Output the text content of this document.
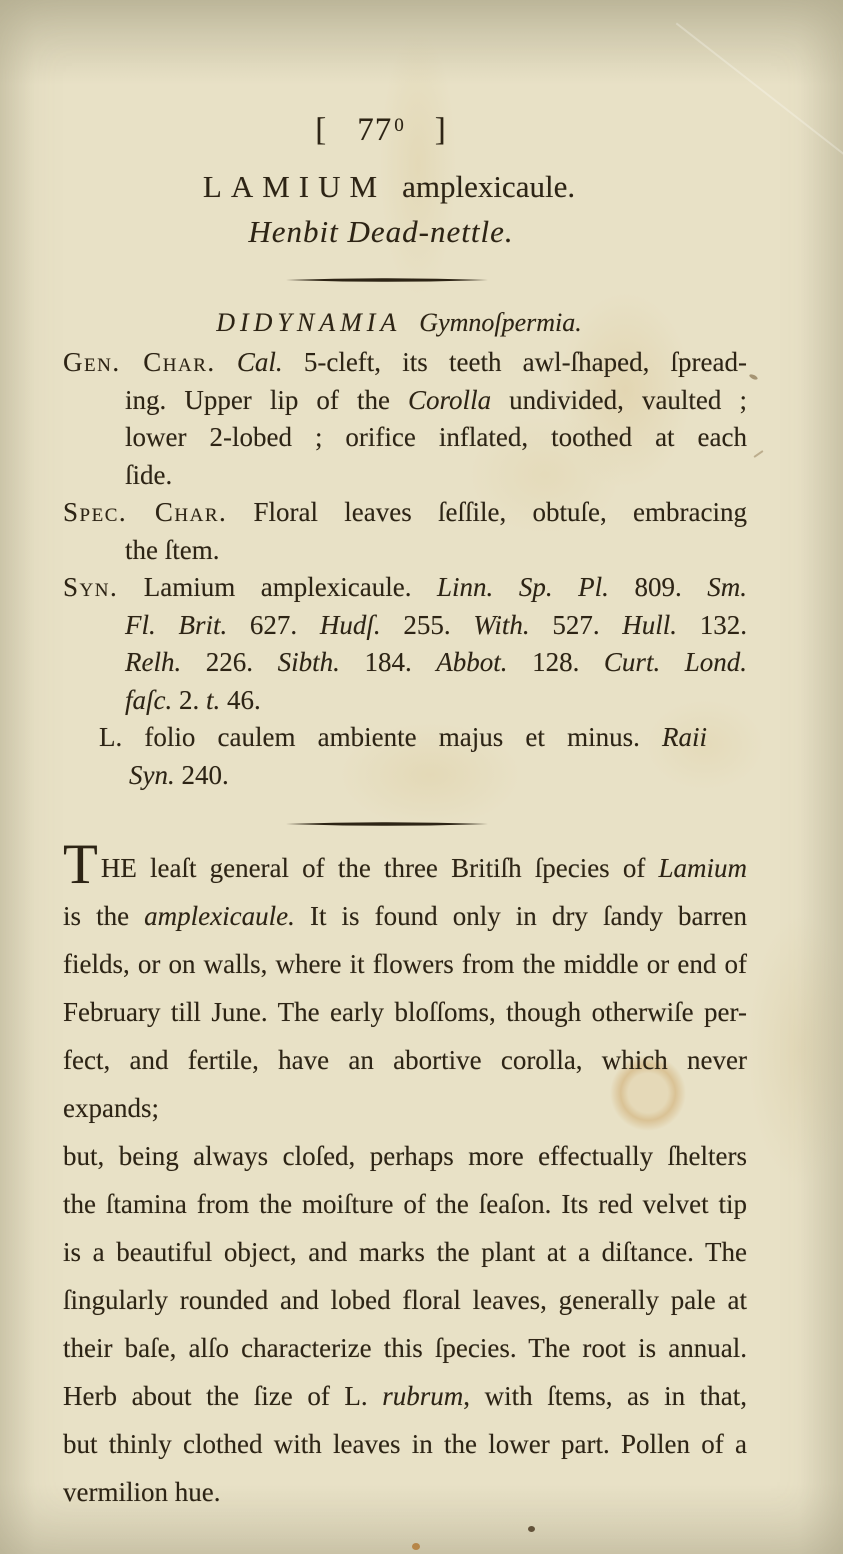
[ 77 $^0$ ]
LAMIUM amplexicaule.
Henbit Dead-nettle.
DIDYNAMIA Gymnoſpermia.
Gen. Char. Cal. 5-cleft, its teeth awl-ſhaped, ſpread-
ing. Upper lip of the Corolla undivided, vaulted ;
lower 2-lobed ; orifice inflated, toothed at each
ſide.
Spec. Char. Floral leaves ſeſſile, obtuſe, embracing
the ſtem.
Syn. Lamium amplexicaule. Linn. Sp. Pl. 809. Sm.
Fl. Brit. 627. Hudſ. 255. With. 527. Hull. 132.
Relh. 226. Sibth. 184. Abbot. 128. Curt. Lond.
faſc. 2. t. 46.
L. folio caulem ambiente majus et minus. Raii
Syn. 240.
THE leaſt general of the three Britiſh ſpecies of Lamium
is the amplexicaule. It is found only in dry ſandy barren
fields, or on walls, where it flowers from the middle or end of
February till June. The early bloſſoms, though otherwiſe per-
fect, and fertile, have an abortive corolla, which never expands;
but, being always cloſed, perhaps more effectually ſhelters
the ſtamina from the moiſture of the ſeaſon. Its red velvet tip
is a beautiful object, and marks the plant at a diſtance. The
ſingularly rounded and lobed floral leaves, generally pale at
their baſe, alſo characterize this ſpecies. The root is annual.
Herb about the ſize of L. rubrum, with ſtems, as in that,
but thinly clothed with leaves in the lower part. Pollen of a
vermilion hue.
